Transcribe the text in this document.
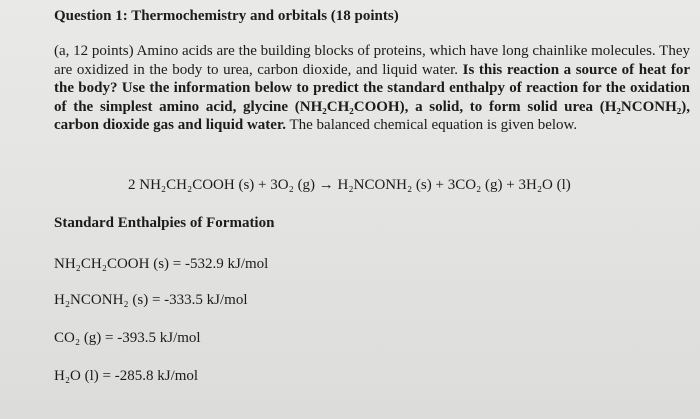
Question 1: Thermochemistry and orbitals (18 points)
(a, 12 points) Amino acids are the building blocks of proteins, which have long chainlike molecules. They are oxidized in the body to urea, carbon dioxide, and liquid water. Is this reaction a source of heat for the body? Use the information below to predict the standard enthalpy of reaction for the oxidation of the simplest amino acid, glycine (NH₂CH₂COOH), a solid, to form solid urea (H₂NCONH₂), carbon dioxide gas and liquid water. The balanced chemical equation is given below.
2 NH₂CH₂COOH (s) + 3O₂ (g) → H₂NCONH₂ (s) + 3CO₂ (g) + 3H₂O (l)
Standard Enthalpies of Formation
NH₂CH₂COOH (s) = -532.9 kJ/mol
H₂NCONH₂ (s) = -333.5 kJ/mol
CO₂ (g) = -393.5 kJ/mol
H₂O (l) = -285.8 kJ/mol
